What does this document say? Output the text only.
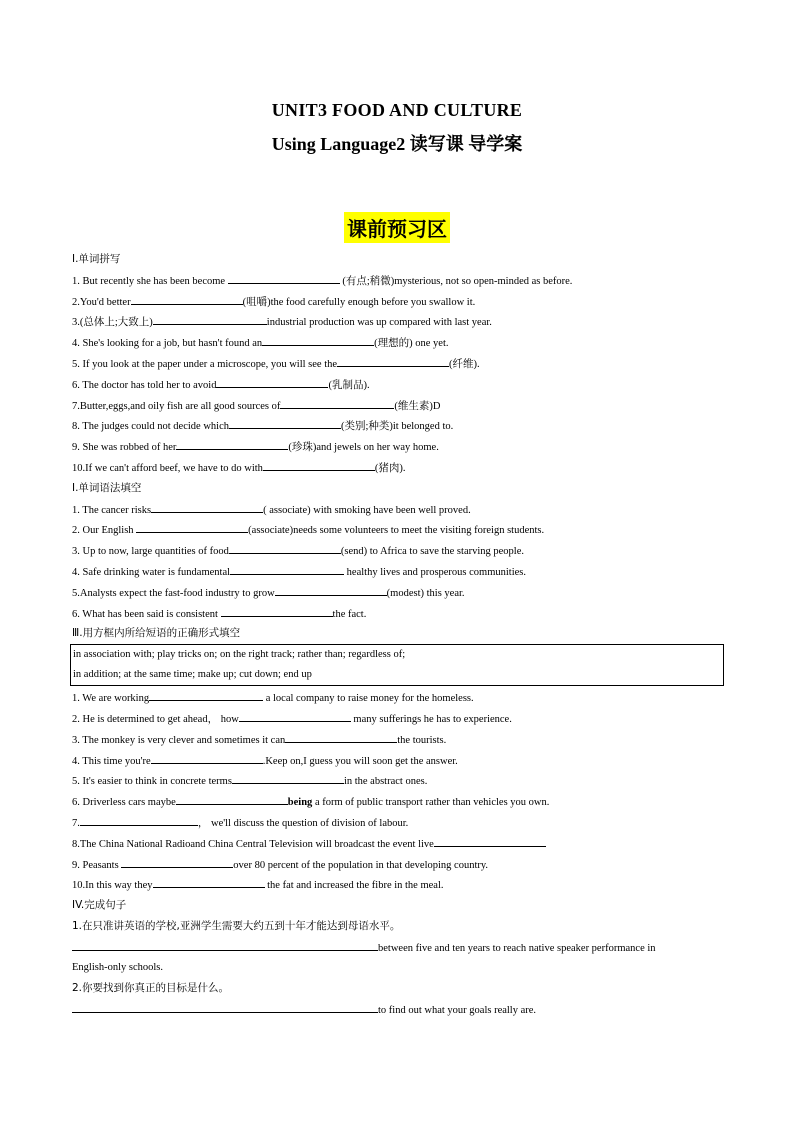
UNIT3 FOOD AND CULTURE
Using Language2 读写课 导学案
课前预习区
I.单词拼写
1. But recently she has been become	(有点;稍微)mysterious, not so open-minded as before.
2.You'd better	(咀嚼)the food carefully enough before you swallow it.
3.(总体上;大致上)	industrial production was up compared with last year.
4. She's looking for a job, but hasn't found an	(理想的) one yet.
5. If you look at the paper under a microscope, you will see the	(纤维).
6. The doctor has told her to avoid	(乳制品).
7.Butter,eggs,and oily fish are all good sources of	(维生素)D
8. The judges could not decide which	(类别;种类)it belonged to.
9. She was robbed of her	(珍珠)and jewels on her way home.
10.If we can't afford beef, we have to do with	(猪肉).
I.单词语法填空
1. The cancer risks	( associate) with smoking have been well proved.
2. Our English	(associate)needs some volunteers to meet the visiting foreign students.
3. Up to now, large quantities of food	(send) to Africa to save the starving people.
4. Safe drinking water is fundamental	healthy lives and prosperous communities.
5.Analysts expect the fast-food industry to grow	(modest) this year.
6. What has been said is consistent	the fact.
Ⅲ.用方框内所给短语的正确形式填空
in association with; play tricks on; on the right track; rather than; regardless of;
in addition; at the same time; make up; cut down; end up
1. We are working	a local company to raise money for the homeless.
2. He is determined to get ahead， how	many sufferings he has to experience.
3. The monkey is very clever and sometimes it can	the tourists.
4. This time you're	.Keep on,I guess you will soon get the answer.
5. It's easier to think in concrete terms	in the abstract ones.
6. Driverless cars maybe	being a form of public transport rather than vehicles you own.
7.	， we'll discuss the question of division of labour.
8.The China National Radioand China Central Television will broadcast the event live
9. Peasants	over 80 percent of the population in that developing country.
10.In this way they	the fat and increased the fibre in the meal.
IV.完成句子
1.在只准讲英语的学校,亚洲学生需要大约五到十年才能达到母语水平。
between five and ten years to reach native speaker performance in
English-only schools.
2.你要找到你真正的目标是什么。
to find out what your goals really are.
